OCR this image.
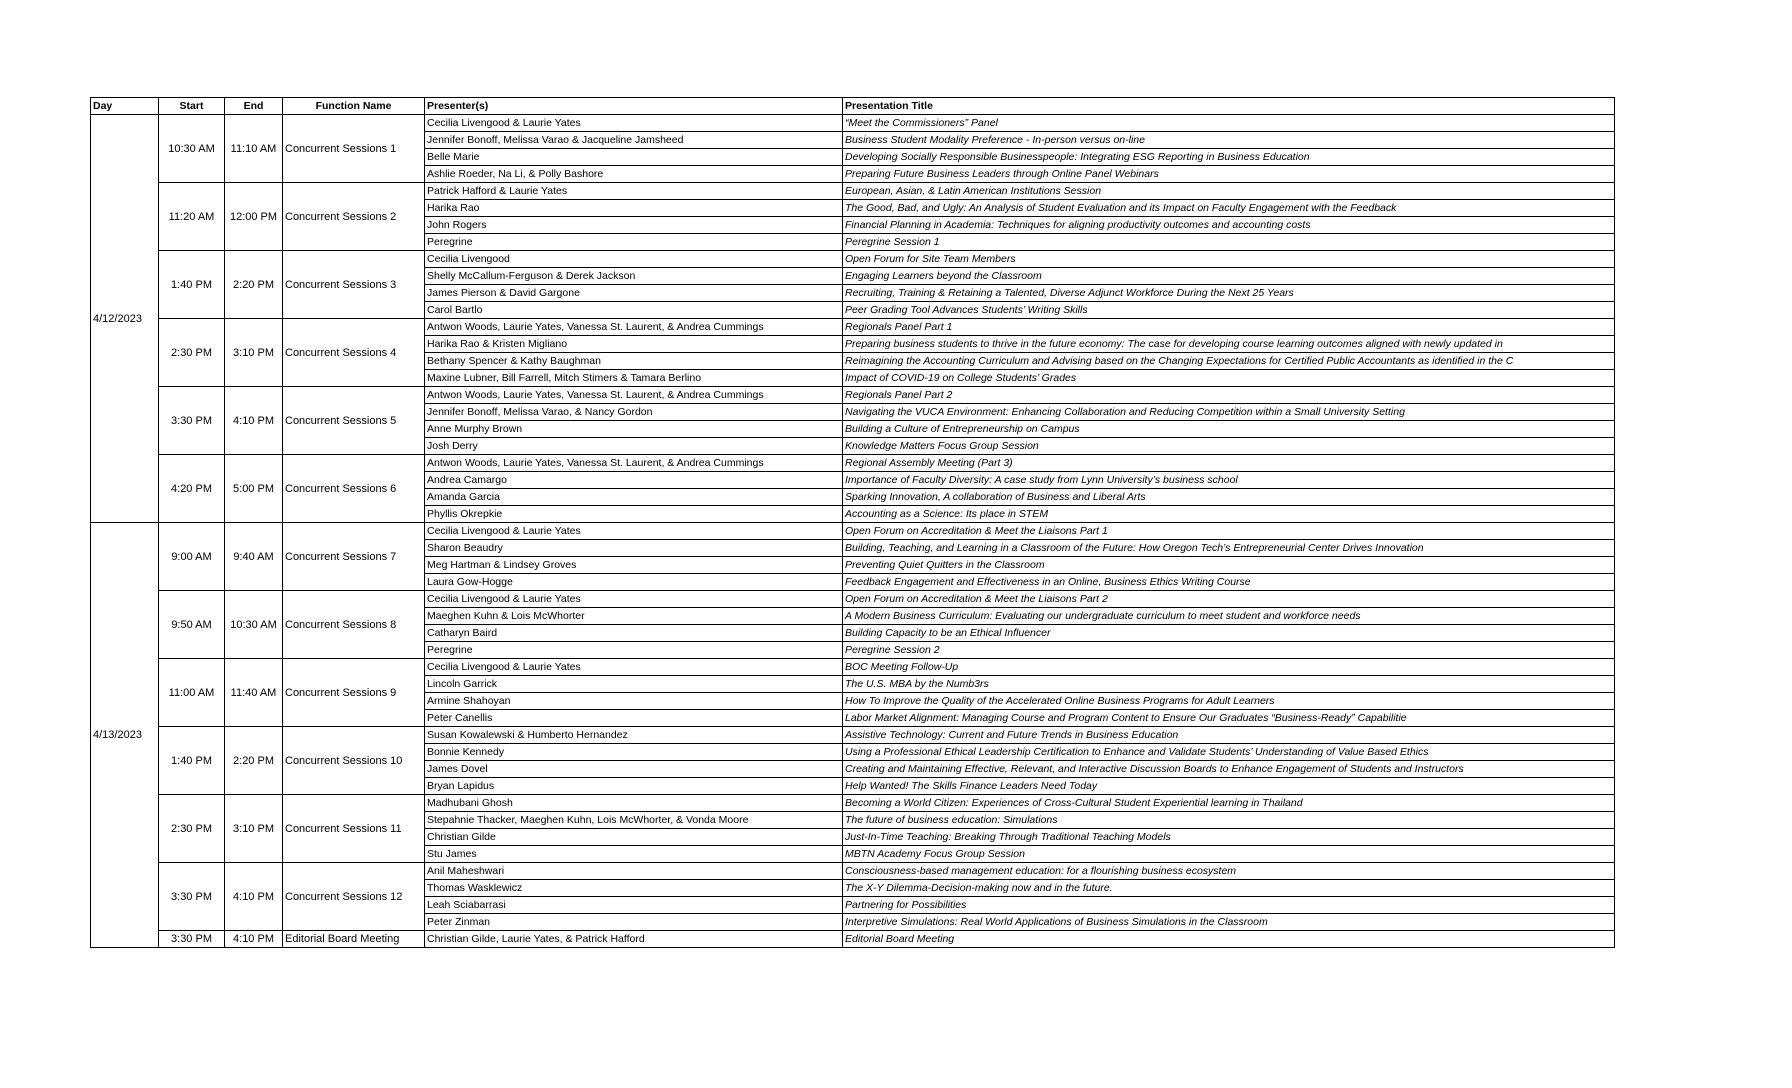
Day	Start	End	Function Name	Presenter(s)	Presentation Title
4/12/2023	10:30 AM	11:10 AM	Concurrent Sessions 1	Cecilia Livengood & Laurie Yates	“Meet the Commissioners” Panel
				Jennifer Bonoff, Melissa Varao & Jacqueline Jamsheed	Business Student Modality Preference - In-person versus on-line
				Belle Marie	Developing Socially Responsible Businesspeople: Integrating ESG Reporting in Business Education
				Ashlie Roeder, Na Li, & Polly Bashore	Preparing Future Business Leaders through Online Panel Webinars
	11:20 AM	12:00 PM	Concurrent Sessions 2	Patrick Hafford & Laurie Yates	European, Asian, & Latin American Institutions Session
				Harika Rao	The Good, Bad, and Ugly: An Analysis of Student Evaluation and its Impact on Faculty Engagement with the Feedback
				John Rogers	Financial Planning in Academia: Techniques for aligning productivity outcomes and accounting costs
				Peregrine	Peregrine Session 1
	1:40 PM	2:20 PM	Concurrent Sessions 3	Cecilia Livengood	Open Forum for Site Team Members
				Shelly McCallum-Ferguson & Derek Jackson	Engaging Learners beyond the Classroom
				James Pierson & David Gargone	Recruiting, Training & Retaining a Talented, Diverse Adjunct Workforce During the Next 25 Years
				Carol Bartlo	Peer Grading Tool Advances Students’ Writing Skills
	2:30 PM	3:10 PM	Concurrent Sessions 4	Antwon Woods, Laurie Yates, Vanessa St. Laurent, & Andrea Cummings	Regionals Panel Part 1
				Harika Rao & Kristen Migliano	Preparing business students to thrive in the future economy: The case for developing course learning outcomes aligned with newly updated in
				Bethany Spencer & Kathy Baughman	Reimagining the Accounting Curriculum and Advising based on the Changing Expectations for Certified Public Accountants as identified in the C
				Maxine Lubner, Bill Farrell, Mitch Stimers & Tamara Berlino	Impact of COVID-19 on College Students’ Grades
	3:30 PM	4:10 PM	Concurrent Sessions 5	Antwon Woods, Laurie Yates, Vanessa St. Laurent, & Andrea Cummings	Regionals Panel Part 2
				Jennifer Bonoff, Melissa Varao, & Nancy Gordon	Navigating the VUCA Environment: Enhancing Collaboration and Reducing Competition within a Small University Setting
				Anne Murphy Brown	Building a Culture of Entrepreneurship on Campus
				Josh Derry	Knowledge Matters Focus Group Session
	4:20 PM	5:00 PM	Concurrent Sessions 6	Antwon Woods, Laurie Yates, Vanessa St. Laurent, & Andrea Cummings	Regional Assembly Meeting (Part 3)
				Andrea Camargo	Importance of Faculty Diversity: A case study from Lynn University’s business school
				Amanda Garcia	Sparking Innovation, A collaboration of Business and Liberal Arts
				Phyllis Okrepkie	Accounting as a Science: Its place in STEM
4/13/2023	9:00 AM	9:40 AM	Concurrent Sessions 7	Cecilia Livengood & Laurie Yates	Open Forum on Accreditation & Meet the Liaisons Part 1
				Sharon Beaudry	Building, Teaching, and Learning in a Classroom of the Future: How Oregon Tech’s Entrepreneurial Center Drives Innovation
				Meg Hartman & Lindsey Groves	Preventing Quiet Quitters in the Classroom
				Laura Gow-Hogge	Feedback Engagement and Effectiveness in an Online, Business Ethics Writing Course
	9:50 AM	10:30 AM	Concurrent Sessions 8	Cecilia Livengood & Laurie Yates	Open Forum on Accreditation & Meet the Liaisons Part 2
				Maeghen Kuhn & Lois McWhorter	A Modern Business Curriculum: Evaluating our undergraduate curriculum to meet student and workforce needs
				Catharyn Baird	Building Capacity to be an Ethical Influencer
				Peregrine	Peregrine Session 2
	11:00 AM	11:40 AM	Concurrent Sessions 9	Cecilia Livengood & Laurie Yates	BOC Meeting Follow-Up
				Lincoln Garrick	The U.S. MBA by the Numb3rs
				Armine Shahoyan	How To Improve the Quality of the Accelerated Online Business Programs for Adult Learners
				Peter Canellis	Labor Market Alignment: Managing Course and Program Content to Ensure Our Graduates “Business-Ready” Capabilitie
	1:40 PM	2:20 PM	Concurrent Sessions 10	Susan Kowalewski & Humberto Hernandez	Assistive Technology: Current and Future Trends in Business Education
				Bonnie Kennedy	Using a Professional Ethical Leadership Certification to Enhance and Validate Students’ Understanding of Value Based Ethics
				James Dovel	Creating and Maintaining Effective, Relevant, and Interactive Discussion Boards to Enhance Engagement of Students and Instructors
				Bryan Lapidus	Help Wanted! The Skills Finance Leaders Need Today
	2:30 PM	3:10 PM	Concurrent Sessions 11	Madhubani Ghosh	Becoming a World Citizen: Experiences of Cross-Cultural Student Experiential learning in Thailand
				Stepahnie Thacker, Maeghen Kuhn, Lois McWhorter, & Vonda Moore	The future of business education: Simulations
				Christian Gilde	Just-In-Time Teaching: Breaking Through Traditional Teaching Models
				Stu James	MBTN Academy Focus Group Session
	3:30 PM	4:10 PM	Concurrent Sessions 12	Anil Maheshwari	Consciousness-based management education: for a flourishing business ecosystem
				Thomas Wasklewicz	The X-Y Dilemma-Decision-making now and in the future.
				Leah Sciabarrasi	Partnering for Possibilities
				Peter Zinman	Interpretive Simulations: Real World Applications of Business Simulations in the Classroom
	3:30 PM	4:10 PM	Editorial Board Meeting	Christian Gilde, Laurie Yates, & Patrick Hafford	Editorial Board Meeting
